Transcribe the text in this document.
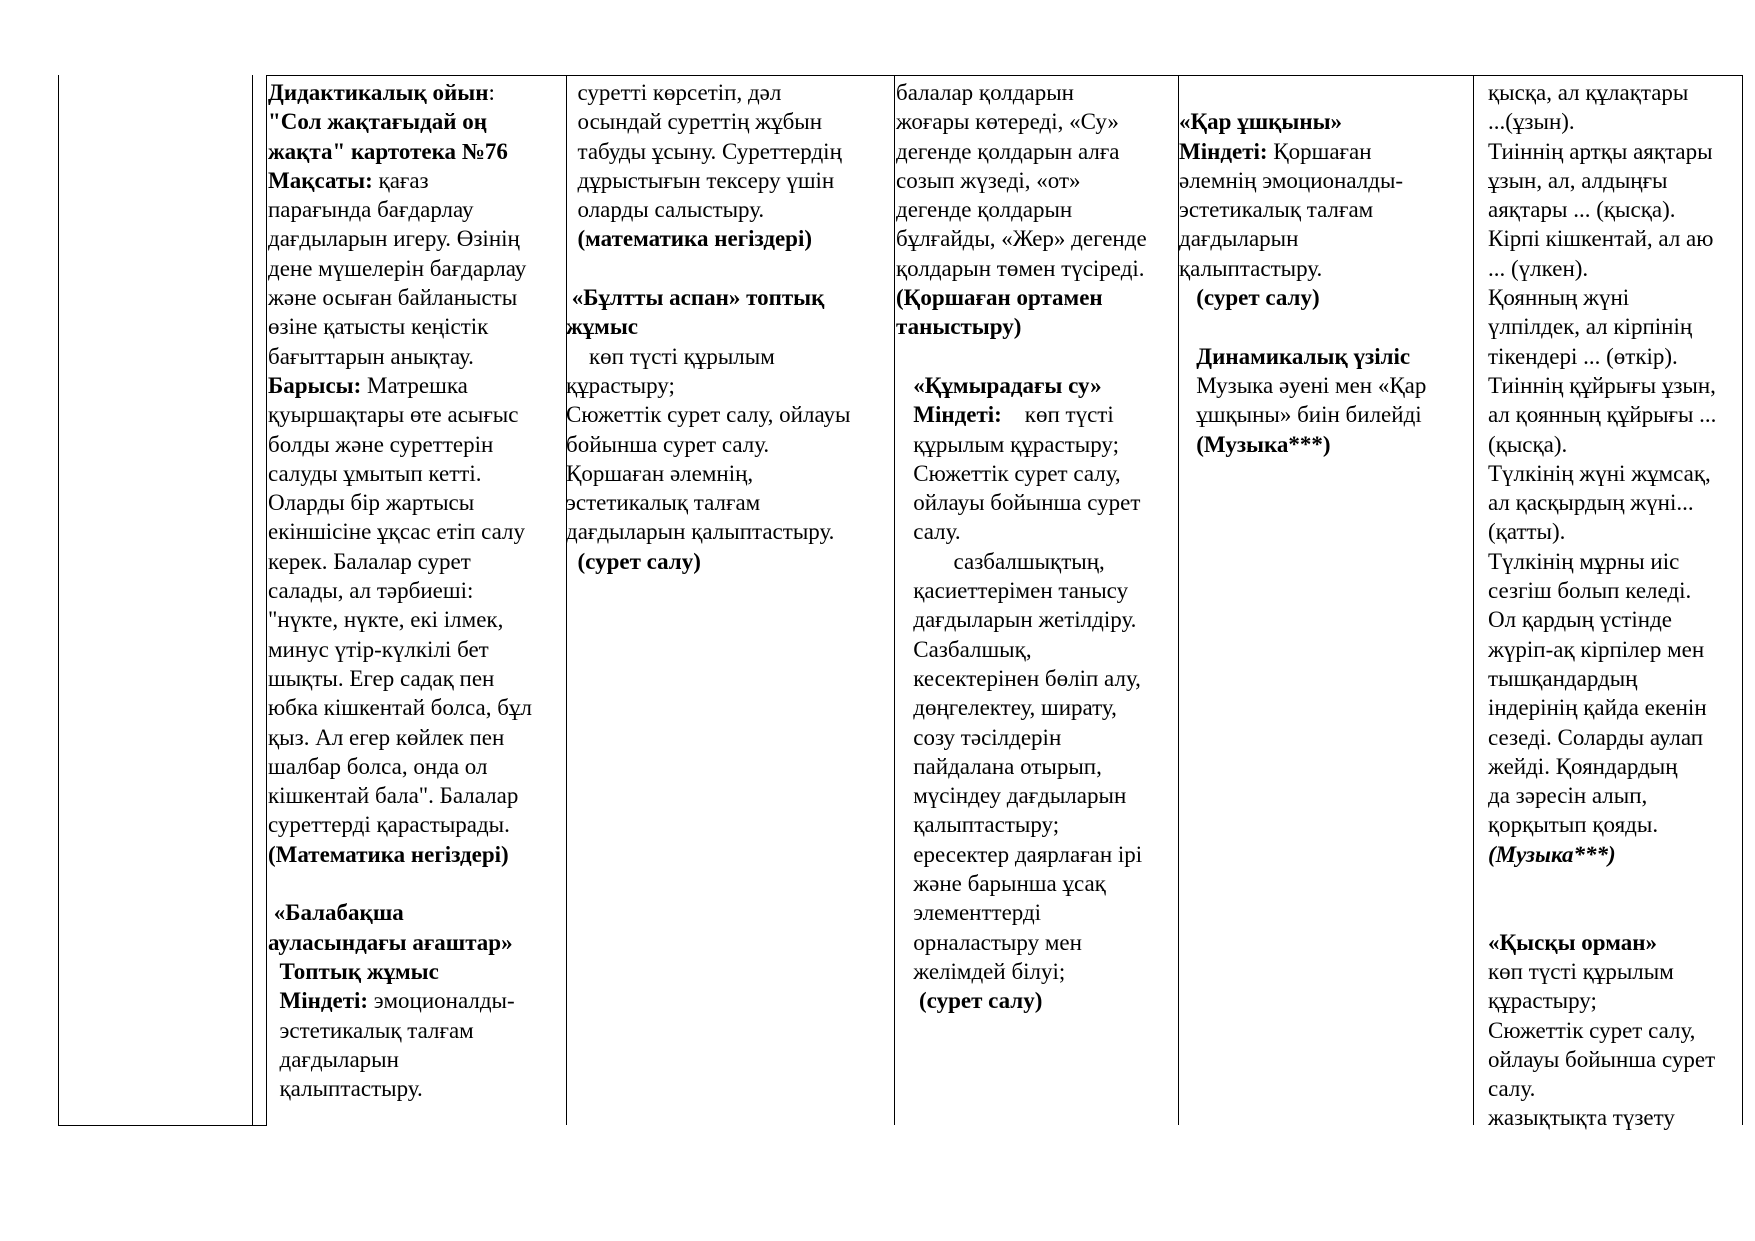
Дидактикалық ойын:
"Сол жақтағыдай оң
жақта" картотека №76
Мақсаты: қағаз
парағында бағдарлау
дағдыларын игеру. Өзінің
дене мүшелерін бағдарлау
және осыған байланысты
өзіне қатысты кеңістік
бағыттарын анықтау.
Барысы: Матрешка
қуыршақтары өте асығыс
болды және суреттерін
салуды ұмытып кетті.
Оларды бір жартысы
екіншісіне ұқсас етіп салу
керек. Балалар сурет
салады, ал тәрбиеші:
"нүкте, нүкте, екі ілмек,
минус үтір-күлкілі бет
шықты. Егер садақ пен
юбка кішкентай болса, бұл
қыз. Ал егер көйлек пен
шалбар болса, онда ол
кішкентай бала". Балалар
суреттерді қарастырады.
(Математика негіздері)
«Балабақша
ауласындағы ағаштар»
Топтық жұмыс
Міндеті: эмоционалды-
эстетикалық талғам
дағдыларын
қалыптастыру.
суретті көрсетіп, дәл
осындай суреттің жұбын
табуды ұсыну. Суреттердің
дұрыстығын тексеру үшін
оларды салыстыру.
(математика негіздері)
«Бұлтты аспан» топтық
жұмыс
көп түсті құрылым
құрастыру;
Сюжеттік сурет салу, ойлауы
бойынша сурет салу.
Қоршаған әлемнің,
эстетикалық талғам
дағдыларын қалыптастыру.
(сурет салу)
балалар қолдарын
жоғары көтереді, «Су»
дегенде қолдарын алға
созып жүзеді, «от»
дегенде қолдарын
бұлғайды, «Жер» дегенде
қолдарын төмен түсіреді.
(Қоршаған ортамен
таныстыру)
«Құмырадағы су»
Міндеті:    көп түсті
құрылым құрастыру;
Сюжеттік сурет салу,
ойлауы бойынша сурет
салу.
сазбалшықтың,
қасиеттерімен танысу
дағдыларын жетілдіру.
Сазбалшық,
кесектерінен бөліп алу,
дөңгелектеу, ширату,
созу тәсілдерін
пайдалана отырып,
мүсіндеу дағдыларын
қалыптастыру;
ересектер даярлаған ірі
және барынша ұсақ
элементтерді
орналастыру мен
желімдей білуі;
(сурет салу)
«Қар ұшқыны»
Міндеті: Қоршаған
әлемнің эмоционалды-
эстетикалық талғам
дағдыларын
қалыптастыру.
(сурет салу)
Динамикалық үзіліс
Музыка әуені мен «Қар
ұшқыны» биін билейді
(Музыка***)
қысқа, ал құлақтары
...(ұзын).
Тиіннің артқы аяқтары
ұзын, ал, алдыңғы
аяқтары ... (қысқа).
Кірпі кішкентай, ал аю
... (үлкен).
Қоянның жүні
үлпілдек, ал кірпінің
тікендері ... (өткір).
Тиіннің құйрығы ұзын,
ал қоянның құйрығы ...
(қысқа).
Түлкінің жүні жұмсақ,
ал қасқырдың жүні...
(қатты).
Түлкінің мұрны иіс
сезгіш болып келеді.
Ол қардың үстінде
жүріп-ақ кірпілер мен
тышқандардың
індерінің қайда екенін
сезеді. Соларды аулап
жейді. Қояндардың
да зәресін алып,
қорқытып қояды.
(Музыка***)
«Қысқы орман»
көп түсті құрылым
құрастыру;
Сюжеттік сурет салу,
ойлауы бойынша сурет
салу.
жазықтықта түзету
